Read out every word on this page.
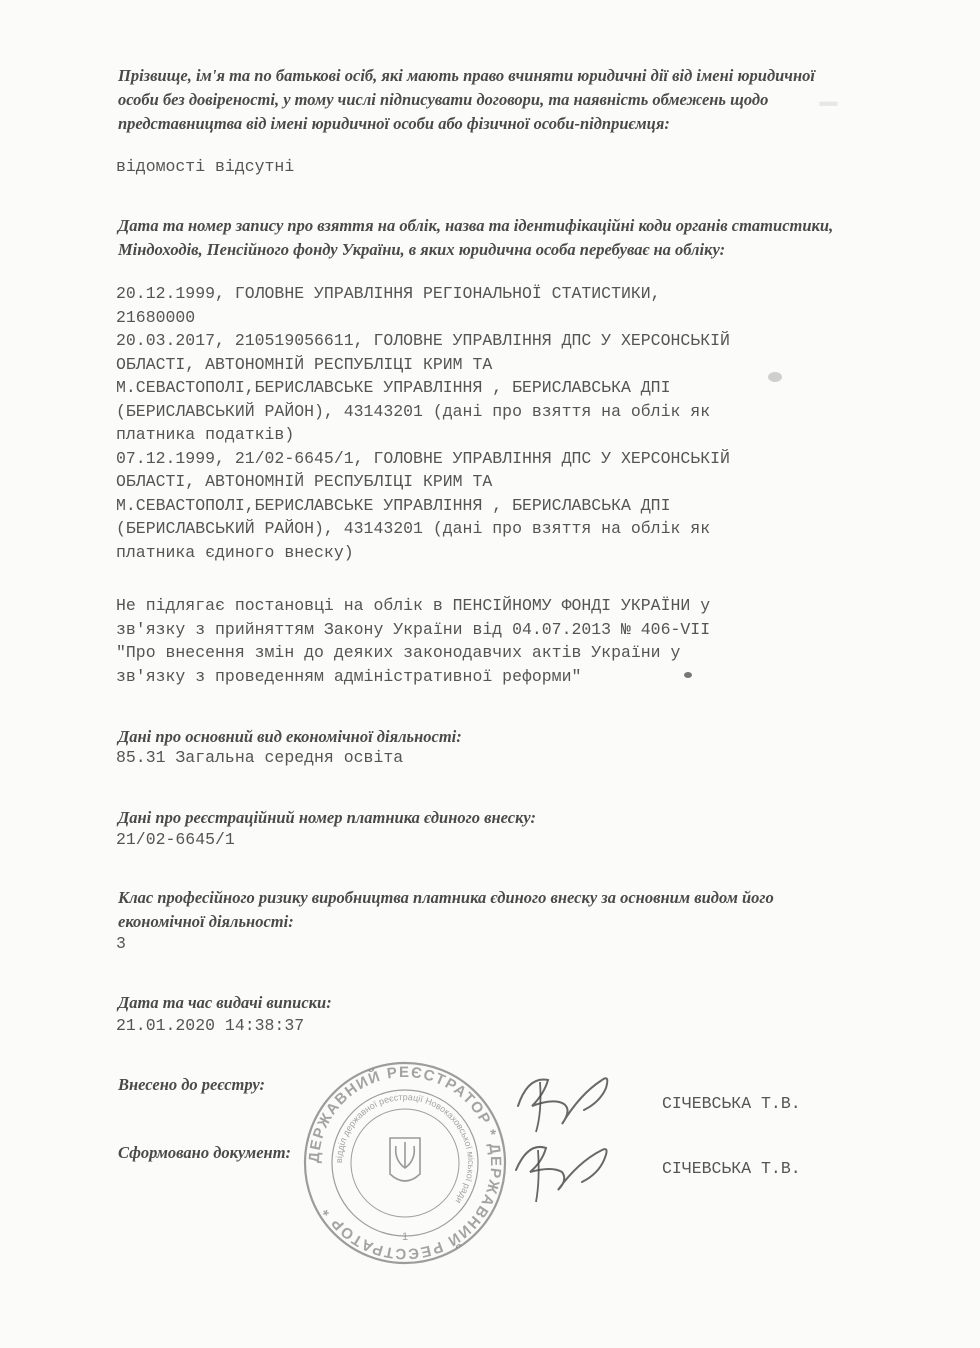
▁

Прізвище, ім'я та по батькові осіб, які мають право вчиняти юридичні дії від імені юридичної особи без довіреності, у тому числі підписувати договори, та наявність обмежень щодо представництва від імені юридичної особи або фізичної особи-підприємця:

відомості відсутні

Дата та номер запису про взяття на облік, назва та ідентифікаційні коди органів статистики, Міндоходів, Пенсійного фонду України, в яких юридична особа перебуває на обліку:

20.12.1999, ГОЛОВНЕ УПРАВЛІННЯ РЕГІОНАЛЬНОЇ СТАТИСТИКИ,
21680000
20.03.2017, 210519056611, ГОЛОВНЕ УПРАВЛІННЯ ДПС У ХЕРСОНСЬКІЙ
ОБЛАСТІ, АВТОНОМНІЙ РЕСПУБЛІЦІ КРИМ ТА
М.СЕВАСТОПОЛІ,БЕРИСЛАВСЬКЕ УПРАВЛІННЯ , БЕРИСЛАВСЬКА ДПІ
(БЕРИСЛАВСЬКИЙ РАЙОН), 43143201 (дані про взяття на облік як
платника податків)
07.12.1999, 21/02-6645/1, ГОЛОВНЕ УПРАВЛІННЯ ДПС У ХЕРСОНСЬКІЙ
ОБЛАСТІ, АВТОНОМНІЙ РЕСПУБЛІЦІ КРИМ ТА
М.СЕВАСТОПОЛІ,БЕРИСЛАВСЬКЕ УПРАВЛІННЯ , БЕРИСЛАВСЬКА ДПІ
(БЕРИСЛАВСЬКИЙ РАЙОН), 43143201 (дані про взяття на облік як
платника єдиного внеску)

Не підлягає постановці на облік в ПЕНСІЙНОМУ ФОНДІ УКРАЇНИ у
зв'язку з прийняттям Закону України від 04.07.2013 № 406-VII
"Про внесення змін до деяких законодавчих актів України у
зв'язку з проведенням адміністративної реформи"

Дані про основний вид економічної діяльності:

85.31 Загальна середня освіта

Дані про реєстраційний номер платника єдиного внеску:

21/02-6645/1

Клас професійного ризику виробництва платника єдиного внеску за основним видом його економічної діяльності:

3

Дата та час видачі виписки:

21.01.2020 14:38:37

Внесено до реєстру:
СІЧЕВСЬКА Т.В.
Сформовано документ:
СІЧЕВСЬКА Т.В.
ДЕРЖАВНИЙ РЕЄСТРАТОР * ДЕРЖАВНИЙ РЕЄСТРАТОР *
відділ державної реєстрації Новокаховської міської ради
1
